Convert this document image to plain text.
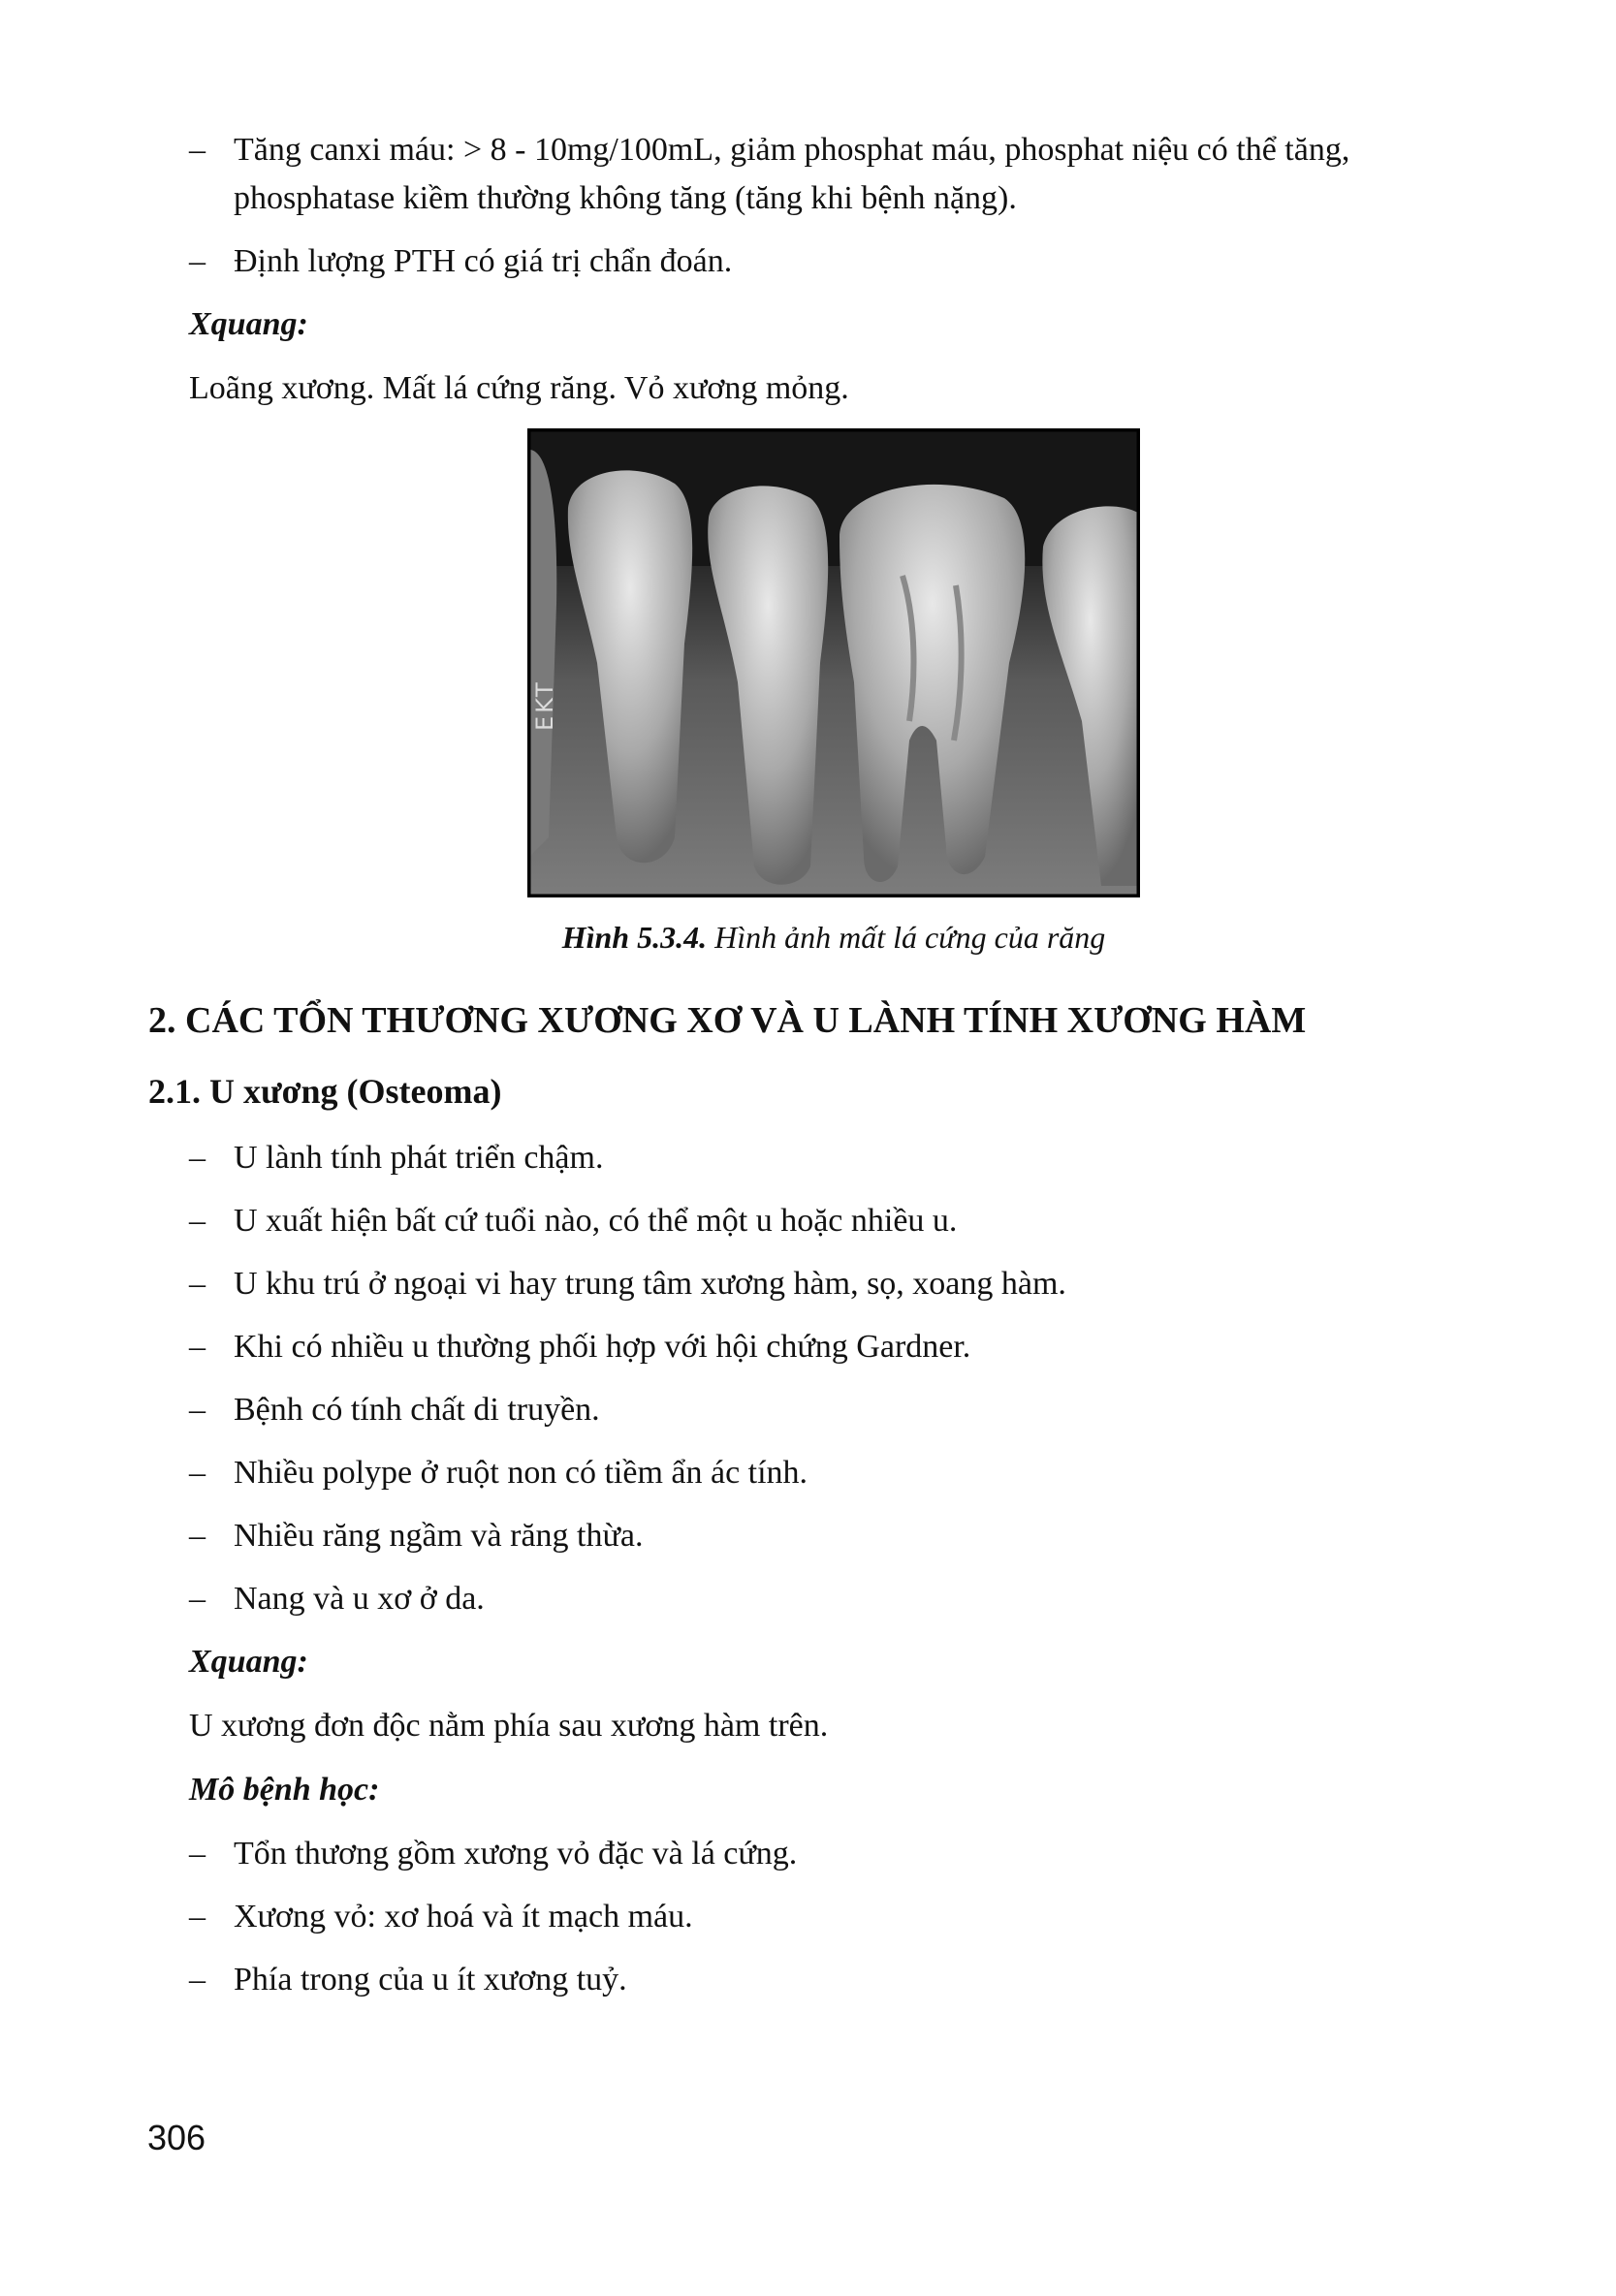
– Tăng canxi máu: > 8 - 10mg/100mL, giảm phosphat máu, phosphat niệu có thể tăng, phosphatase kiềm thường không tăng (tăng khi bệnh nặng).
– Định lượng PTH có giá trị chẩn đoán.
Xquang:
Loãng xương. Mất lá cứng răng. Vỏ xương mỏng.
EKT
Hình 5.3.4. Hình ảnh mất lá cứng của răng
2. CÁC TỔN THƯƠNG XƯƠNG XƠ VÀ U LÀNH TÍNH XƯƠNG HÀM
2.1. U xương (Osteoma)
– U lành tính phát triển chậm.
– U xuất hiện bất cứ tuổi nào, có thể một u hoặc nhiều u.
– U khu trú ở ngoại vi hay trung tâm xương hàm, sọ, xoang hàm.
– Khi có nhiều u thường phối hợp với hội chứng Gardner.
– Bệnh có tính chất di truyền.
– Nhiều polype ở ruột non có tiềm ẩn ác tính.
– Nhiều răng ngầm và răng thừa.
– Nang và u xơ ở da.
Xquang:
U xương đơn độc nằm phía sau xương hàm trên.
Mô bệnh học:
– Tổn thương gồm xương vỏ đặc và lá cứng.
– Xương vỏ: xơ hoá và ít mạch máu.
– Phía trong của u ít xương tuỷ.
306
